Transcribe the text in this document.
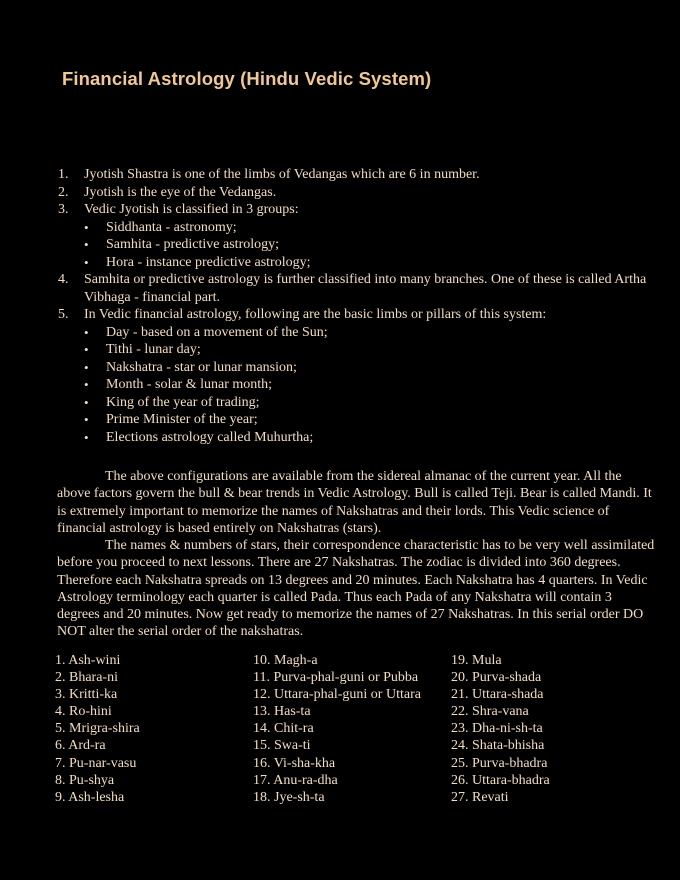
Financial Astrology (Hindu Vedic System)
1. Jyotish Shastra is one of the limbs of Vedangas which are 6 in number.
2. Jyotish is the eye of the Vedangas.
3. Vedic Jyotish is classified in 3 groups:
• Siddhanta - astronomy;
• Samhita - predictive astrology;
• Hora - instance predictive astrology;
4. Samhita or predictive astrology is further classified into many branches. One of these is called Artha Vibhaga - financial part.
5. In Vedic financial astrology, following are the basic limbs or pillars of this system:
• Day - based on a movement of the Sun;
• Tithi - lunar day;
• Nakshatra - star or lunar mansion;
• Month - solar & lunar month;
• King of the year of trading;
• Prime Minister of the year;
• Elections astrology called Muhurtha;
The above configurations are available from the sidereal almanac of the current year. All the above factors govern the bull & bear trends in Vedic Astrology. Bull is called Teji. Bear is called Mandi. It is extremely important to memorize the names of Nakshatras and their lords. This Vedic science of financial astrology is based entirely on Nakshatras (stars).
The names & numbers of stars, their correspondence characteristic has to be very well assimilated before you proceed to next lessons. There are 27 Nakshatras. The zodiac is divided into 360 degrees. Therefore each Nakshatra spreads on 13 degrees and 20 minutes. Each Nakshatra has 4 quarters. In Vedic Astrology terminology each quarter is called Pada. Thus each Pada of any Nakshatra will contain 3 degrees and 20 minutes. Now get ready to memorize the names of 27 Nakshatras. In this serial order DO NOT alter the serial order of the nakshatras.
1. Ash-wini
2. Bhara-ni
3. Kritti-ka
4. Ro-hini
5. Mrigra-shira
6. Ard-ra
7. Pu-nar-vasu
8. Pu-shya
9. Ash-lesha
10. Magh-a
11. Purva-phal-guni or Pubba
12. Uttara-phal-guni or Uttara
13. Has-ta
14. Chit-ra
15. Swa-ti
16. Vi-sha-kha
17. Anu-ra-dha
18. Jye-sh-ta
19. Mula
20. Purva-shada
21. Uttara-shada
22. Shra-vana
23. Dha-ni-sh-ta
24. Shata-bhisha
25. Purva-bhadra
26. Uttara-bhadra
27. Revati
